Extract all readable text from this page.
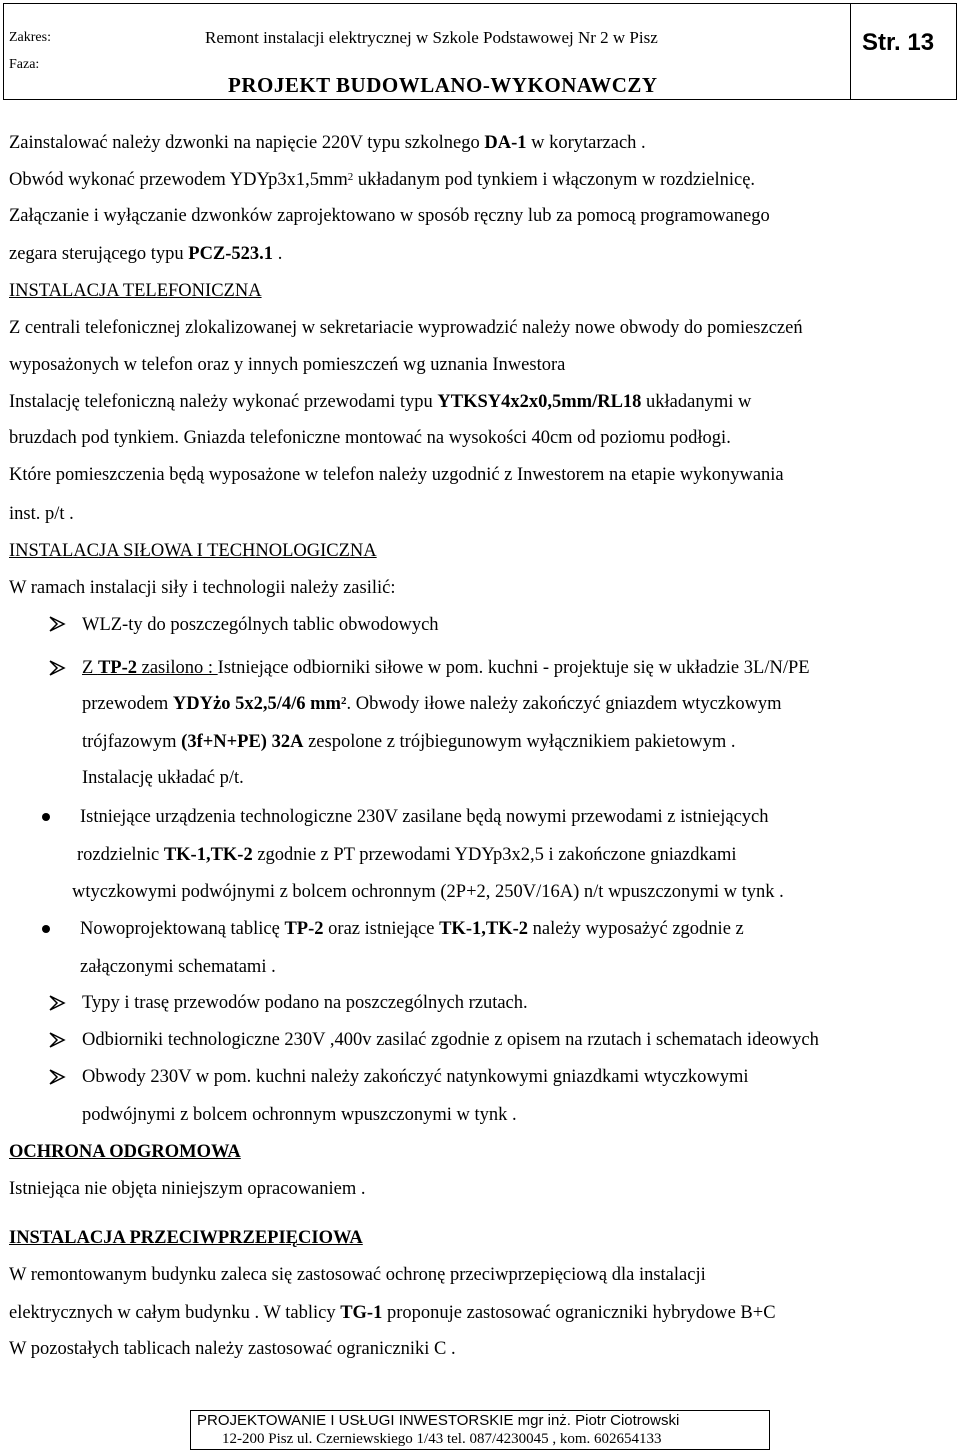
Zakres:
Faza:
Remont instalacji elektrycznej w Szkole Podstawowej Nr 2 w Pisz
PROJEKT BUDOWLANO-WYKONAWCZY
Str. 13
Zainstalować należy dzwonki na napięcie 220V typu szkolnego DA-1 w korytarzach .
Obwód wykonać przewodem $YDYp3x1,5mm^2$ układanym pod tynkiem i włączonym w rozdzielnicę.
Załączanie i wyłączanie dzwonków zaprojektowano w sposób ręczny lub za pomocą programowanego
zegara sterującego typu PCZ-523.1 .
INSTALACJA TELEFONICZNA
Z centrali telefonicznej zlokalizowanej w sekretariacie wyprowadzić należy nowe obwody do pomieszczeń
wyposażonych w telefon oraz y innych pomieszczeń wg uznania Inwestora
Instalację telefoniczną należy wykonać przewodami typu YTKSY4x2x0,5mm/RL18 układanymi w
bruzdach pod tynkiem. Gniazda telefoniczne montować na wysokości 40cm od poziomu podłogi.
Które pomieszczenia będą wyposażone w telefon należy uzgodnić z Inwestorem na etapie wykonywania
inst. p/t .
INSTALACJA SIŁOWA I TECHNOLOGICZNA
W ramach instalacji siły i technologii należy zasilić:
WLZ-ty do poszczególnych tablic obwodowych
Z TP-2 zasilono : Istniejące odbiorniki siłowe w pom. kuchni - projektuje się w układzie 3L/N/PE
przewodem YDYżo 5x2,5/4/6 $mm^2$. Obwody iłowe należy zakończyć gniazdem wtyczkowym
trójfazowym (3f+N+PE) 32A zespolone z trójbiegunowym wyłącznikiem pakietowym .
Instalację układać p/t.
Istniejące urządzenia technologiczne 230V zasilane będą nowymi przewodami z istniejących
rozdzielnic TK-1,TK-2 zgodnie z PT przewodami YDYp3x2,5 i zakończone gniazdkami
wtyczkowymi podwójnymi z bolcem ochronnym (2P+2, 250V/16A) n/t wpuszczonymi w tynk .
Nowoprojektowaną tablicę TP-2 oraz istniejące TK-1,TK-2 należy wyposażyć zgodnie z
załączonymi schematami .
Typy i trasę przewodów podano na poszczególnych rzutach.
Odbiorniki technologiczne 230V ,400v zasilać zgodnie z opisem na rzutach i schematach ideowych
Obwody 230V w pom. kuchni należy zakończyć natynkowymi gniazdkami wtyczkowymi
podwójnymi z bolcem ochronnym wpuszczonymi w tynk .
OCHRONA ODGROMOWA
Istniejąca nie objęta niniejszym opracowaniem .
INSTALACJA PRZECIWPRZEPIĘCIOWA
W remontowanym budynku zaleca się zastosować ochronę przeciwprzepięciową dla instalacji
elektrycznych w całym budynku . W tablicy TG-1 proponuje zastosować ograniczniki hybrydowe B+C
W pozostałych tablicach należy zastosować ograniczniki C .
PROJEKTOWANIE I USŁUGI INWESTORSKIE mgr inż. Piotr Ciotrowski
12-200 Pisz ul. Czerniewskiego 1/43 tel. 087/4230045 , kom. 602654133
